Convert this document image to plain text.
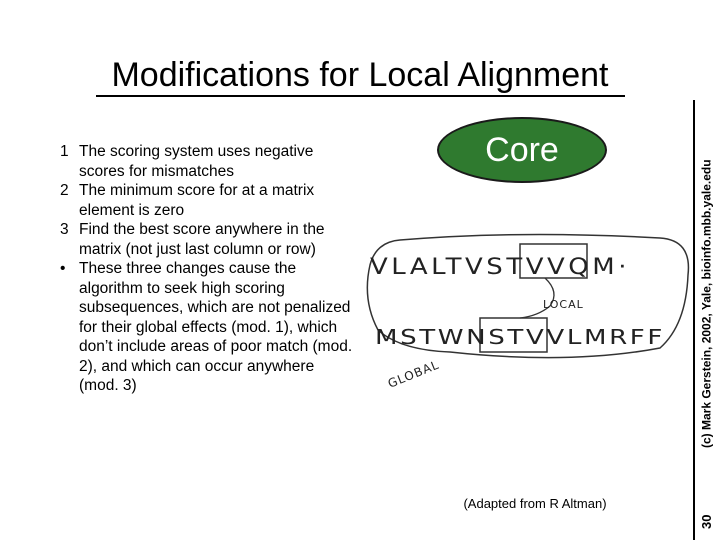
Modifications for Local Alignment
(c) Mark Gerstein, 2002, Yale, bioinfo.mbb.yale.edu
30
1 The scoring system uses negative scores for mismatches
2 The minimum score for at a matrix element is zero
3 Find the best score anywhere in the matrix (not just last column or row)
• These three changes cause the algorithm to seek high scoring subsequences, which are not penalized for their global effects (mod. 1), which don’t include areas of poor match (mod. 2), and which can occur anywhere (mod. 3)
Core
VLALTVSTVVQM·
LOCAL
MSTWNSTVVLMRFF
GLOBAL
(Adapted from R Altman)
